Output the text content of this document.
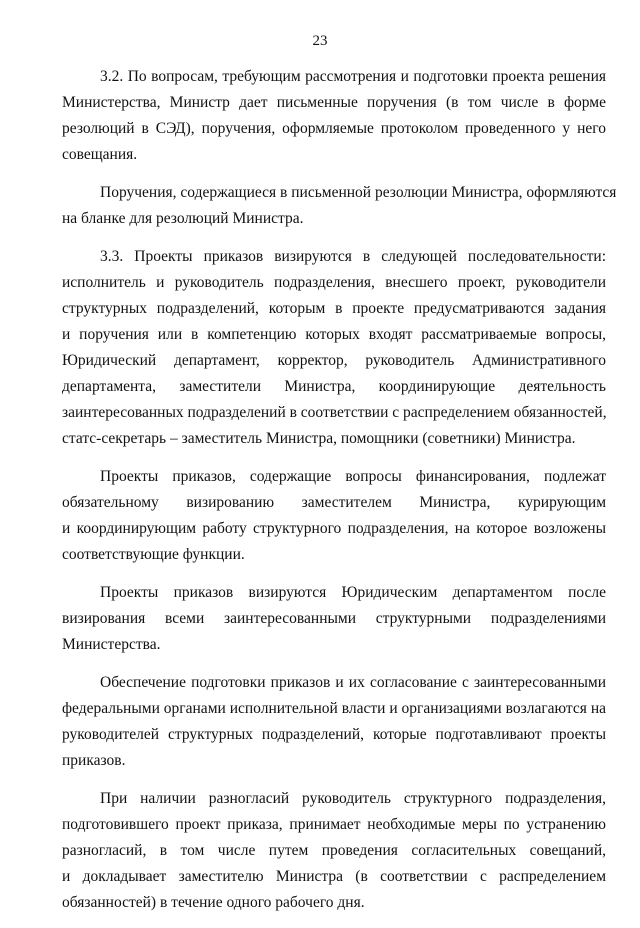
23
3.2. По вопросам, требующим рассмотрения и подготовки проекта решения
Министерства, Министр дает письменные поручения (в том числе в форме
резолюций в СЭД), поручения, оформляемые протоколом проведенного у него
совещания.
Поручения, содержащиеся в письменной резолюции Министра, оформляются
на бланке для резолюций Министра.
3.3. Проекты приказов визируются в следующей последовательности:
исполнитель и руководитель подразделения, внесшего проект, руководители
структурных подразделений, которым в проекте предусматриваются задания
и поручения или в компетенцию которых входят рассматриваемые вопросы,
Юридический департамент, корректор, руководитель Административного
департамента, заместители Министра, координирующие деятельность
заинтересованных подразделений в соответствии с распределением обязанностей,
статс-секретарь – заместитель Министра, помощники (советники) Министра.
Проекты приказов, содержащие вопросы финансирования, подлежат
обязательному визированию заместителем Министра, курирующим
и координирующим работу структурного подразделения, на которое возложены
соответствующие функции.
Проекты приказов визируются Юридическим департаментом после
визирования всеми заинтересованными структурными подразделениями
Министерства.
Обеспечение подготовки приказов и их согласование с заинтересованными
федеральными органами исполнительной власти и организациями возлагаются на
руководителей структурных подразделений, которые подготавливают проекты
приказов.
При наличии разногласий руководитель структурного подразделения,
подготовившего проект приказа, принимает необходимые меры по устранению
разногласий, в том числе путем проведения согласительных совещаний,
и докладывает заместителю Министра (в соответствии с распределением
обязанностей) в течение одного рабочего дня.
